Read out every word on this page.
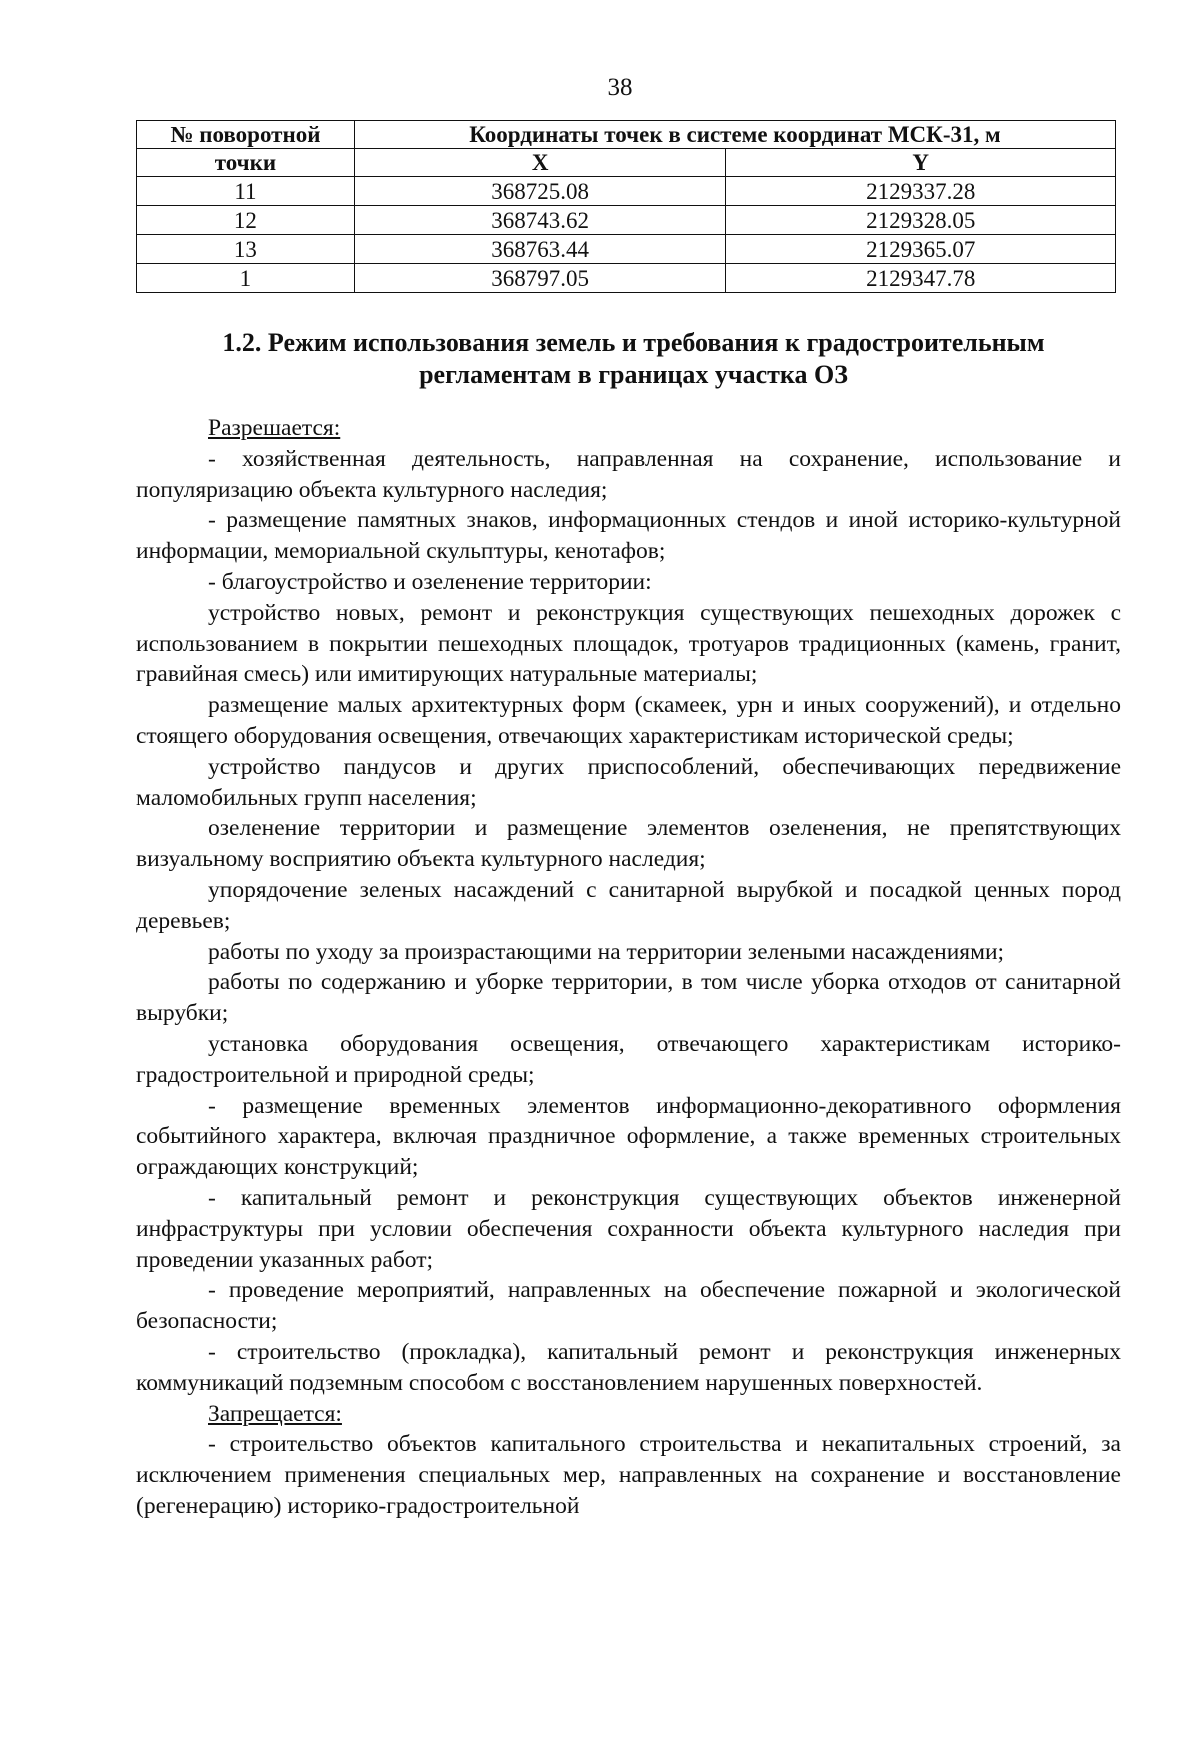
38
№ поворотной	Координаты точек в системе координат МСК-31, м	
точки	X	Y
11	368725.08	2129337.28
12	368743.62	2129328.05
13	368763.44	2129365.07
1	368797.05	2129347.78
1.2. Режим использования земель и требования к градостроительным
регламентам в границах участка ОЗ

Разрешается:

- хозяйственная деятельность, направленная на сохранение, использование и популяризацию объекта культурного наследия;

- размещение памятных знаков, информационных стендов и иной историко-культурной информации, мемориальной скульптуры, кенотафов;

- благоустройство и озеленение территории:

устройство новых, ремонт и реконструкция существующих пешеходных дорожек с использованием в покрытии пешеходных площадок, тротуаров традиционных (камень, гранит, гравийная смесь) или имитирующих натуральные материалы;

размещение малых архитектурных форм (скамеек, урн и иных сооружений), и отдельно стоящего оборудования освещения, отвечающих характеристикам исторической среды;

устройство пандусов и других приспособлений, обеспечивающих передвижение маломобильных групп населения;

озеленение территории и размещение элементов озеленения, не препятствующих визуальному восприятию объекта культурного наследия;

упорядочение зеленых насаждений с санитарной вырубкой и посадкой ценных пород деревьев;

работы по уходу за произрастающими на территории зелеными насаждениями;

работы по содержанию и уборке территории, в том числе уборка отходов от санитарной вырубки;

установка оборудования освещения, отвечающего характеристикам историко-градостроительной и природной среды;

- размещение временных элементов информационно-декоративного оформления событийного характера, включая праздничное оформление, а также временных строительных ограждающих конструкций;

- капитальный ремонт и реконструкция существующих объектов инженерной инфраструктуры при условии обеспечения сохранности объекта культурного наследия при проведении указанных работ;

- проведение мероприятий, направленных на обеспечение пожарной и экологической безопасности;

- строительство (прокладка), капитальный ремонт и реконструкция инженерных коммуникаций подземным способом с восстановлением нарушенных поверхностей.

Запрещается:

- строительство объектов капитального строительства и некапитальных строений, за исключением применения специальных мер, направленных на сохранение и восстановление (регенерацию) историко-градостроительной
